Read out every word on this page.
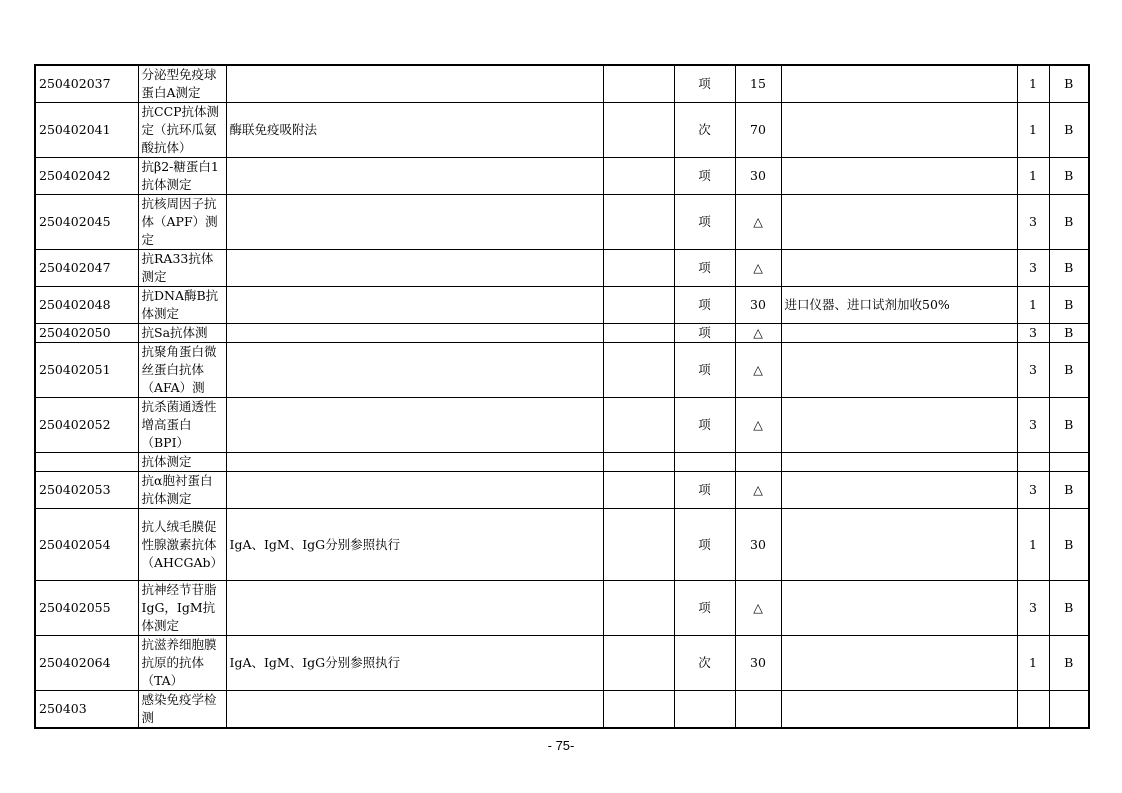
250402037	分泌型免疫球蛋白A测定			项	15		1	B
250402041	抗CCP抗体测定（抗环瓜氨酸抗体）	酶联免疫吸附法		次	70		1	B
250402042	抗β2-糖蛋白1抗体测定			项	30		1	B
250402045	抗核周因子抗体（APF）测定			项	△		3	B
250402047	抗RA33抗体测定			项	△		3	B
250402048	抗DNA酶B抗体测定			项	30	进口仪器、进口试剂加收50%	1	B
250402050	抗Sa抗体测			项	△		3	B
250402051	抗聚角蛋白微丝蛋白抗体（AFA）测			项	△		3	B
250402052	抗杀菌通透性增高蛋白（BPI）			项	△		3	B
	抗体测定							
250402053	抗α胞衬蛋白抗体测定			项	△		3	B
250402054	抗人绒毛膜促性腺激素抗体（AHCGAb）	IgA、IgM、IgG分别参照执行		项	30		1	B
250402055	抗神经节苷脂IgG，IgM抗体测定			项	△		3	B
250402064	抗滋养细胞膜抗原的抗体（TA）	IgA、IgM、IgG分别参照执行		次	30		1	B
250403	感染免疫学检测							
- 75-
